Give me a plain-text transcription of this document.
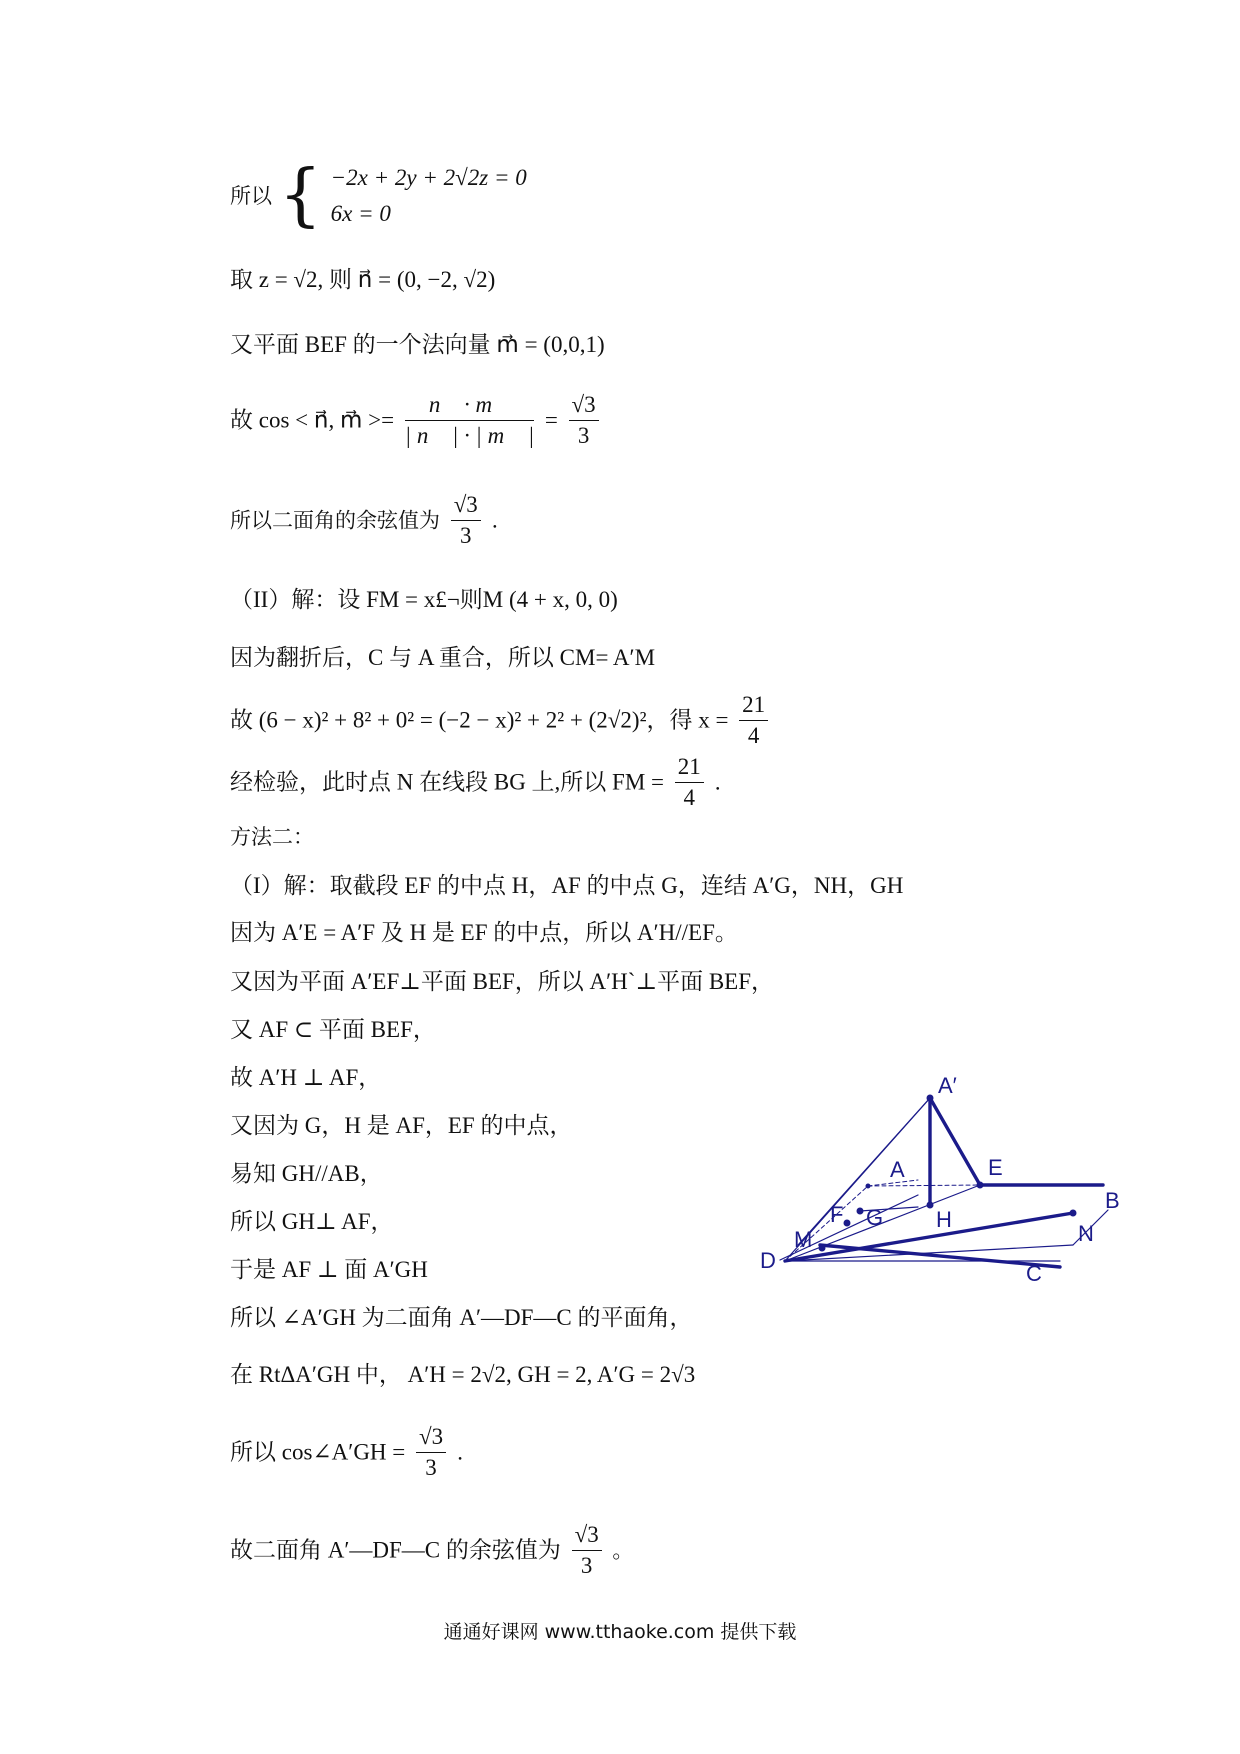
所以 { −2x + 2y + 2√2z = 0
6x = 0
取 z = √2, 则 n⃗ = (0, −2, √2)
又平面 BEF 的一个法向量 m⃗ = (0,0,1)
故 cos < n⃗, m⃗ >= $\frac{n⃗ \cdot m⃗}{| n⃗ | \cdot | m⃗ |} = \frac{√3}{3}$
所以二面角的余弦值为 $\frac{√3}{3}$ .
（II）解：设 FM = x£¬则M (4 + x, 0, 0)
因为翻折后，C 与 A 重合，所以 CM= A′M
故 (6 − x)² + 8² + 0² = (−2 − x)² + 2² + (2√2)²，得 $x = \frac{21}{4}$
经检验，此时点 N 在线段 BG 上,所以 FM = $\frac{21}{4}$ .
方法二：
（I）解：取截段 EF 的中点 H，AF 的中点 G，连结 A′G，NH，GH
因为 A′E = A′F 及 H 是 EF 的中点，所以 A′H//EF。
又因为平面 A′EF⊥平面 BEF，所以 A′H`⊥平面 BEF，
又 AF ⊂ 平面 BEF，
故 A′H ⊥ AF，
又因为 G，H 是 AF，EF 的中点，
易知 GH//AB，
所以 GH⊥ AF，
于是 AF ⊥ 面 A′GH
所以 ∠A′GH 为二面角 A′—DF—C 的平面角，
在 RtΔA′GH 中， A′H = 2√2, GH = 2, A′G = 2√3
所以 cos∠A′GH = $\frac{√3}{3}$ .
故二面角 A′—DF—C 的余弦值为 $\frac{√3}{3}$ 。
A′
A	E
B
F G H
N
M
D
C
通通好课网 www.tthaoke.com 提供下载
